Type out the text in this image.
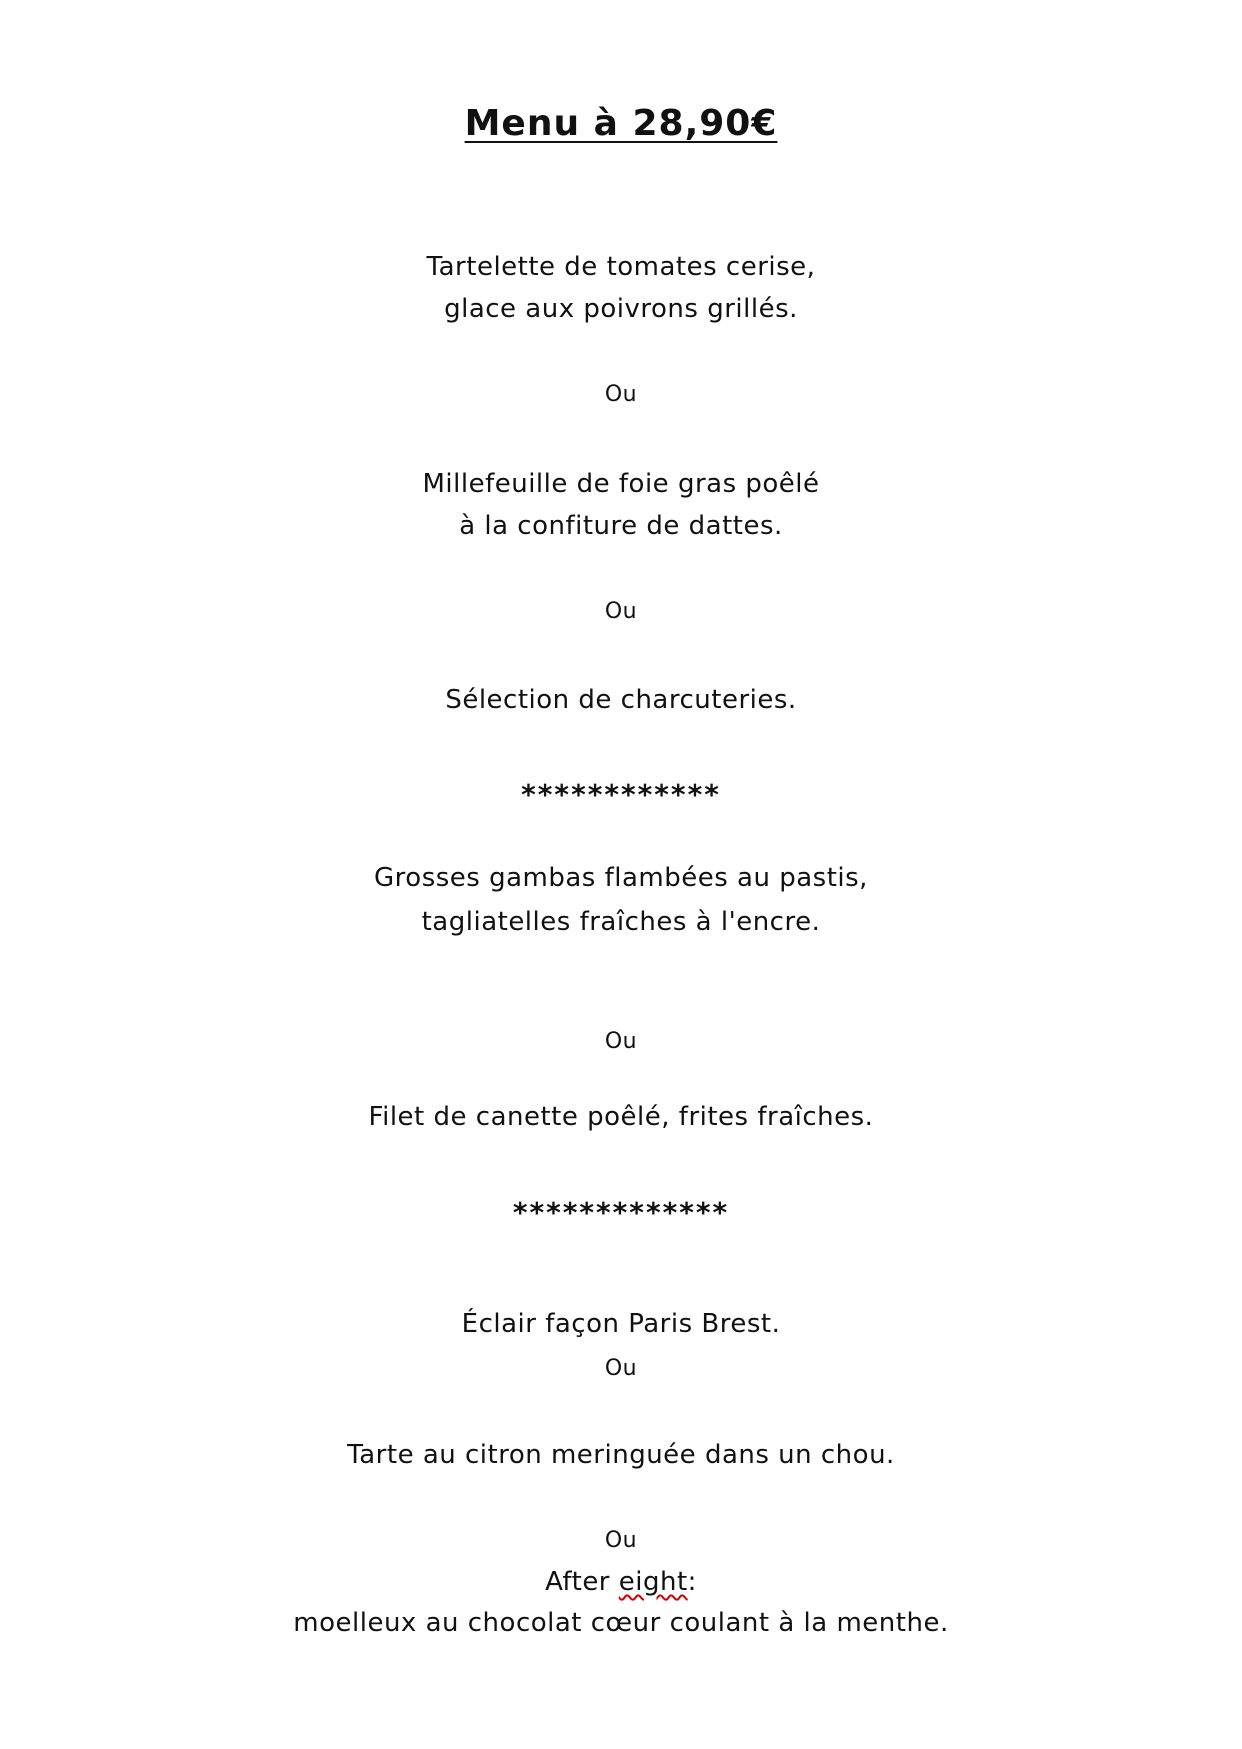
Menu à 28,90€
Tartelette de tomates cerise,
glace aux poivrons grillés.
Ou
Millefeuille de foie gras poêlé
à la confiture de dattes.
Ou
Sélection de charcuteries.
************
Grosses gambas flambées au pastis,
tagliatelles fraîches à l'encre.
Ou
Filet de canette poêlé, frites fraîches.
*************
Éclair façon Paris Brest.
Ou
Tarte au citron meringuée dans un chou.
Ou
After eight:
moelleux au chocolat cœur coulant à la menthe.
